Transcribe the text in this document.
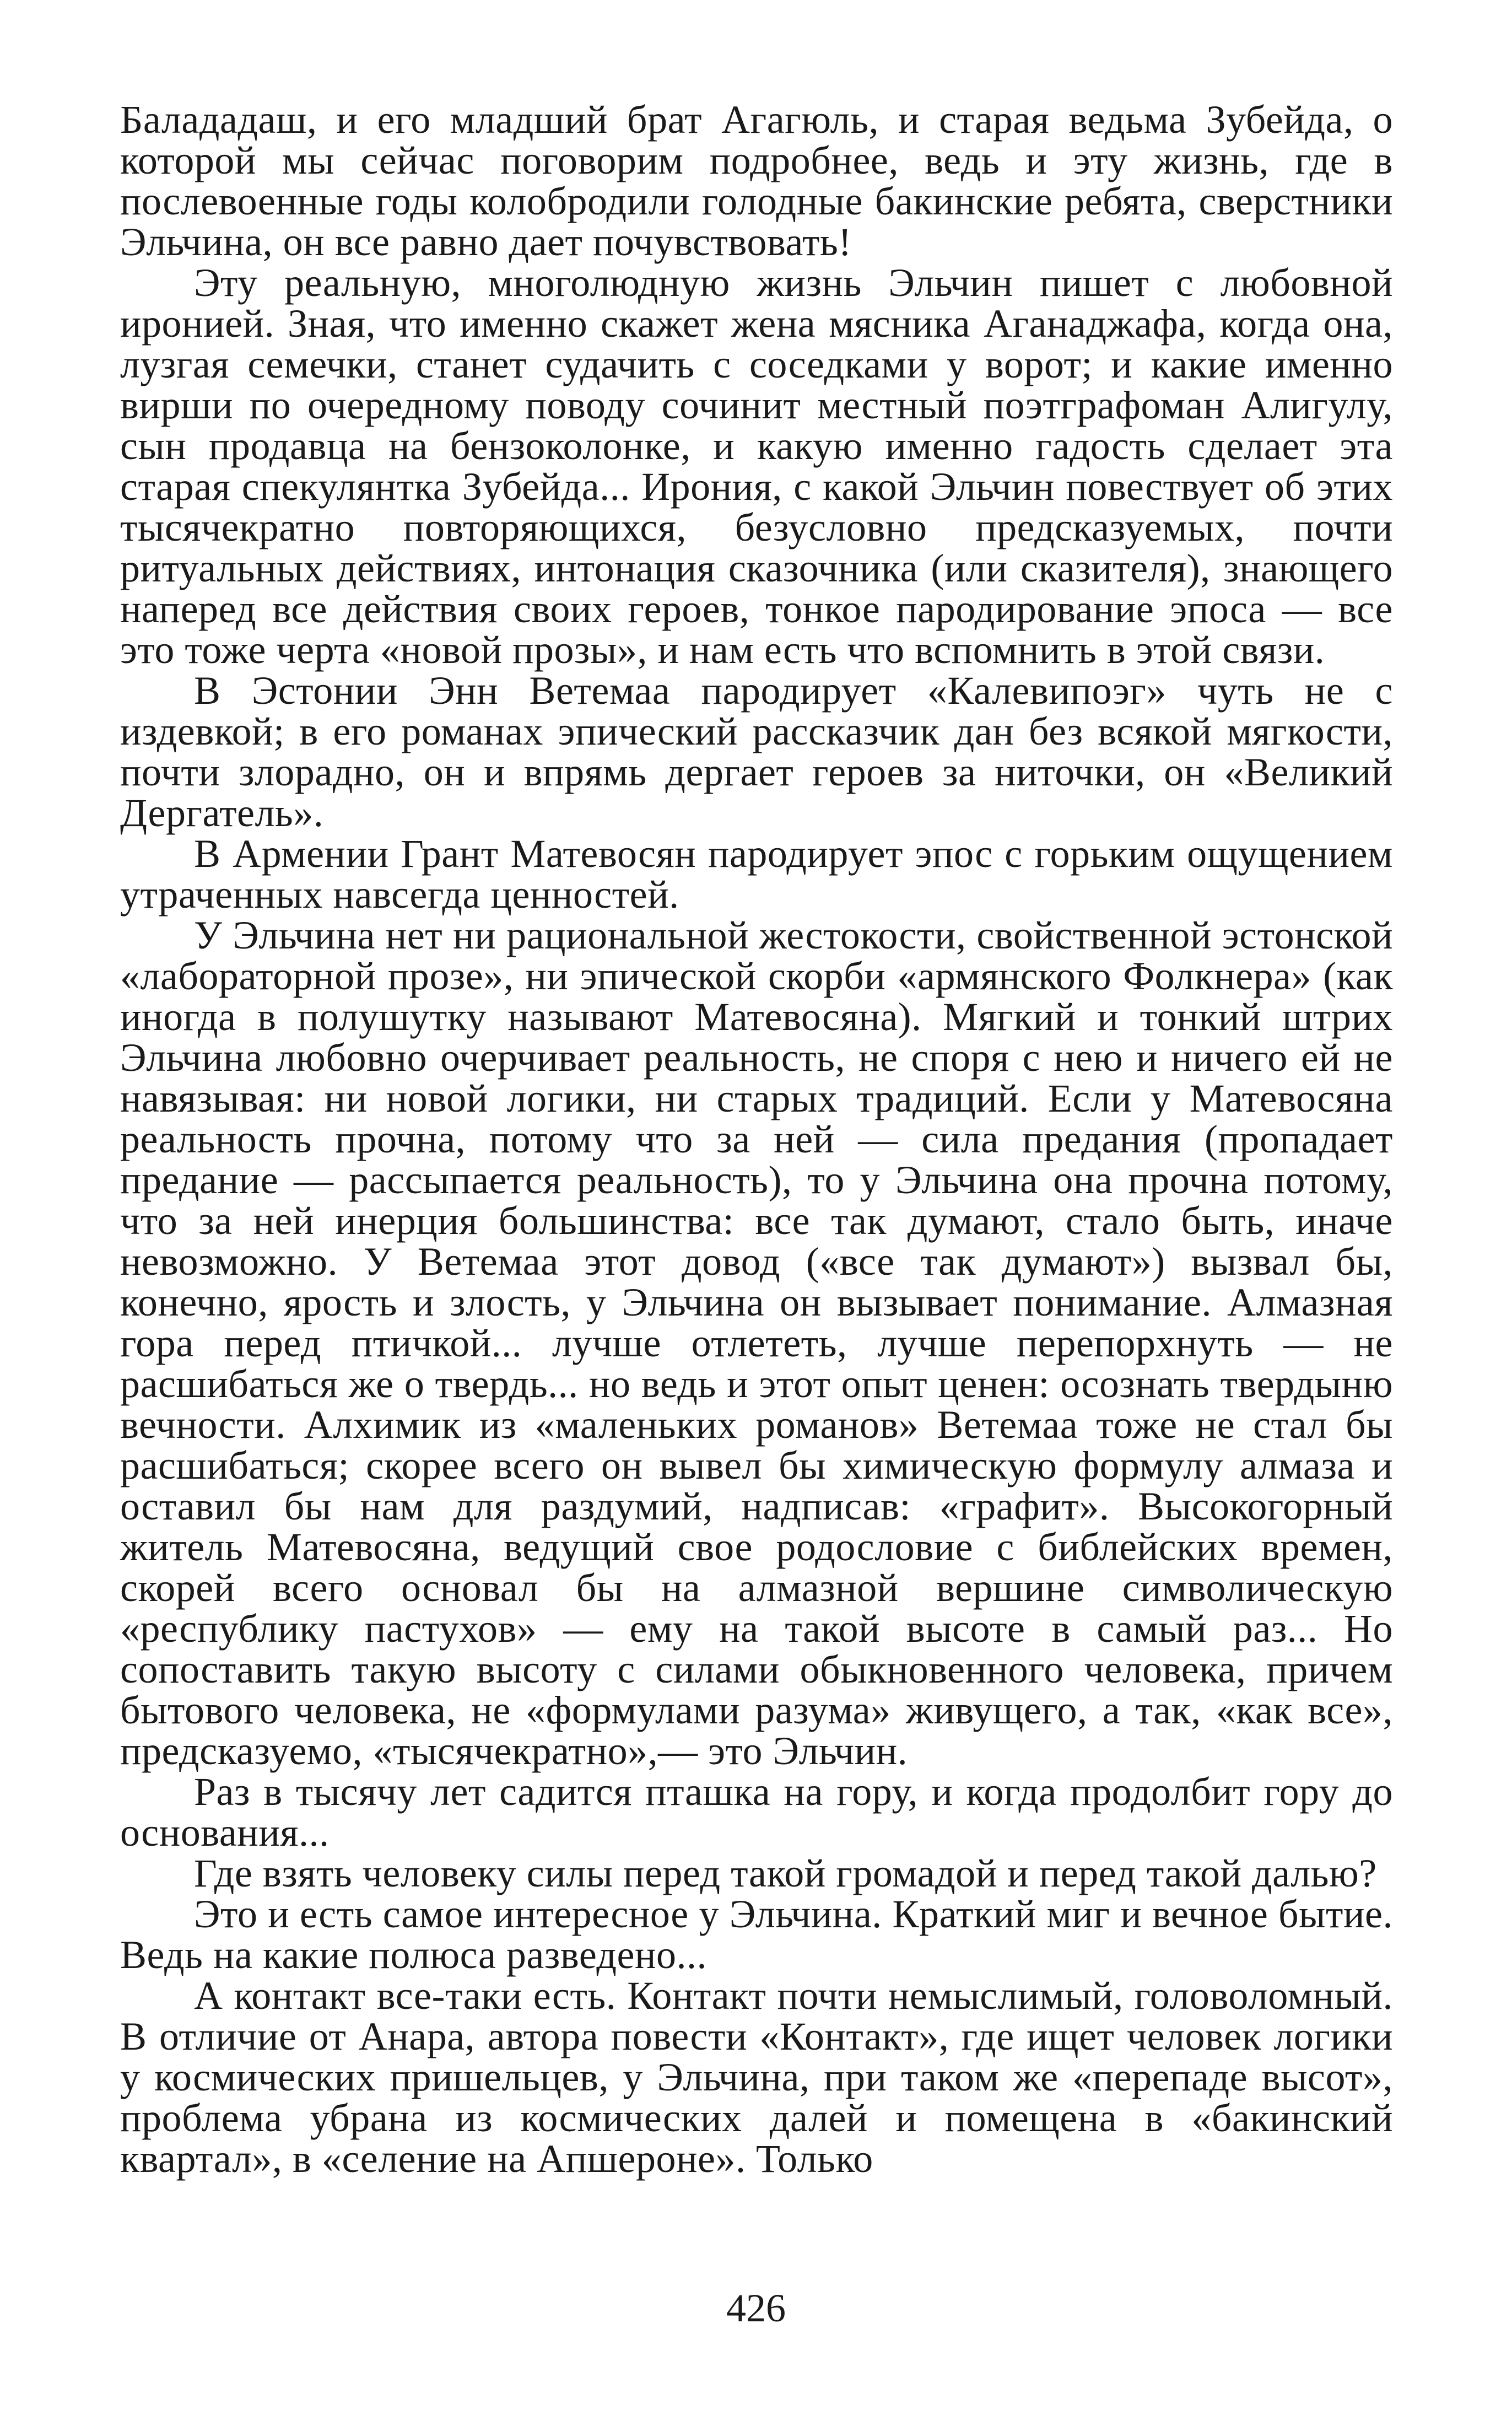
Балададаш, и его младший брат Агагюль, и старая ведьма Зубейда, о которой мы сейчас поговорим подробнее, ведь и эту жизнь, где в послевоенные годы колобродили голодные бакинские ребята, сверстники Эльчина, он все равно дает почувствовать!

Эту реальную, многолюдную жизнь Эльчин пишет с любовной иронией. Зная, что именно скажет жена мясника Аганаджафа, когда она, лузгая семечки, станет судачить с соседками у ворот; и какие именно вирши по очередному поводу сочинит местный поэтграфоман Алигулу, сын продавца на бензоколонке, и какую именно гадость сделает эта старая спекулянтка Зубейда... Ирония, с какой Эльчин повествует об этих тысячекратно повторяющихся, безусловно предсказуемых, почти ритуальных действиях, интонация сказочника (или сказителя), знающего наперед все действия своих героев, тонкое пародирование эпоса — все это тоже черта «новой прозы», и нам есть что вспомнить в этой связи.

В Эстонии Энн Ветемаа пародирует «Калевипоэг» чуть не с издевкой; в его романах эпический рассказчик дан без всякой мягкости, почти злорадно, он и впрямь дергает героев за ниточки, он «Великий Дергатель».

В Армении Грант Матевосян пародирует эпос с горьким ощущением утраченных навсегда ценностей.

У Эльчина нет ни рациональной жестокости, свойственной эстонской «лабораторной прозе», ни эпической скорби «армянского Фолкнера» (как иногда в полушутку называют Матевосяна). Мягкий и тонкий штрих Эльчина любовно очерчивает реальность, не споря с нею и ничего ей не навязывая: ни новой логики, ни старых традиций. Если у Матевосяна реальность прочна, потому что за ней — сила предания (пропадает предание — рассыпается реальность), то у Эльчина она прочна потому, что за ней инерция большинства: все так думают, стало быть, иначе невозможно. У Ветемаа этот довод («все так думают») вызвал бы, конечно, ярость и злость, у Эльчина он вызывает понимание. Алмазная гора перед птичкой... лучше отлететь, лучше перепорхнуть — не расшибаться же о твердь... но ведь и этот опыт ценен: осознать твердыню вечности. Алхимик из «маленьких романов» Ветемаа тоже не стал бы расшибаться; скорее всего он вывел бы химическую формулу алмаза и оставил бы нам для раздумий, надписав: «графит». Высокогорный житель Матевосяна, ведущий свое родословие с библейских времен, скорей всего основал бы на алмазной вершине символическую «республику пастухов» — ему на такой высоте в самый раз... Но сопоставить такую высоту с силами обыкновенного человека, причем бытового человека, не «формулами разума» живущего, а так, «как все», предсказуемо, «тысячекратно»,— это Эльчин.

Раз в тысячу лет садится пташка на гору, и когда продолбит гору до основания...

Где взять человеку силы перед такой громадой и перед такой далью?

Это и есть самое интересное у Эльчина. Краткий миг и вечное бытие. Ведь на какие полюса разведено...

А контакт все-таки есть. Контакт почти немыслимый, головоломный. В отличие от Анара, автора повести «Контакт», где ищет человек логики у космических пришельцев, у Эльчина, при таком же «перепаде высот», проблема убрана из космических далей и помещена в «бакинский квартал», в «селение на Апшероне». Только

426
